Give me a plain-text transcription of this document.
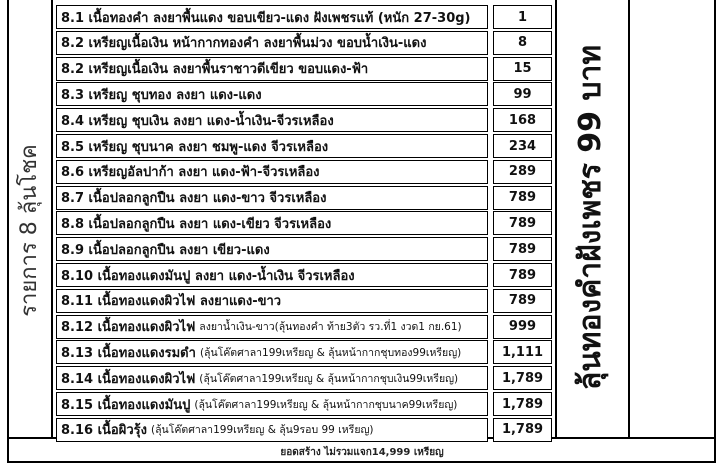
รายการ 8 ลุ้นโชค	ลุ้นทองคำฝังเพชร 99 บาท
8.1 เนื้อทองคำ ลงยาพื้นแดง ขอบเขียว-แดง ฝังเพชรแท้ (หนัก 27-30g)	1
8.2 เหรียญเนื้อเงิน หน้ากากทองคำ ลงยาพื้นม่วง ขอบน้ำเงิน-แดง	8
8.2 เหรียญเนื้อเงิน ลงยาพื้นราชาวดีเขียว ขอบแดง-ฟ้า	15
8.3 เหรียญ ชุบทอง ลงยา แดง-แดง	99
8.4 เหรียญ ชุบเงิน ลงยา แดง-น้ำเงิน-จีวรเหลือง	168
8.5 เหรียญ ชุบนาค ลงยา ชมพู-แดง จีวรเหลือง	234
8.6 เหรียญอัลปาก้า ลงยา แดง-ฟ้า-จีวรเหลือง	289
8.7 เนื้อปลอกลูกปืน ลงยา แดง-ขาว จีวรเหลือง	789
8.8 เนื้อปลอกลูกปืน ลงยา แดง-เขียว จีวรเหลือง	789
8.9 เนื้อปลอกลูกปืน ลงยา เขียว-แดง	789
8.10 เนื้อทองแดงมันปู ลงยา แดง-น้ำเงิน จีวรเหลือง	789
8.11 เนื้อทองแดงผิวไฟ ลงยาแดง-ขาว	789
8.12 เนื้อทองแดงผิวไฟ ลงยาน้ำเงิน-ขาว(ลุ้นทองคำ ท้าย3ตัว รว.ที่1 งวด1 กย.61)	999
8.13 เนื้อทองแดงรมดำ (ลุ้นโค๊ตศาลา199เหรียญ & ลุ้นหน้ากากชุบทอง99เหรียญ)	1,111
8.14 เนื้อทองแดงผิวไฟ (ลุ้นโค๊ตศาลา199เหรียญ & ลุ้นหน้ากากชุบเงิน99เหรียญ)	1,789
8.15 เนื้อทองแดงมันปู (ลุ้นโค๊ตศาลา199เหรียญ & ลุ้นหน้ากากชุบนาค99เหรียญ)	1,789
8.16 เนื้อผิวรุ้ง (ลุ้นโค๊ตศาลา199เหรียญ & ลุ้น9รอบ 99 เหรียญ)	1,789
ยอดสร้าง ไม่รวมแจก14,999 เหรียญ
